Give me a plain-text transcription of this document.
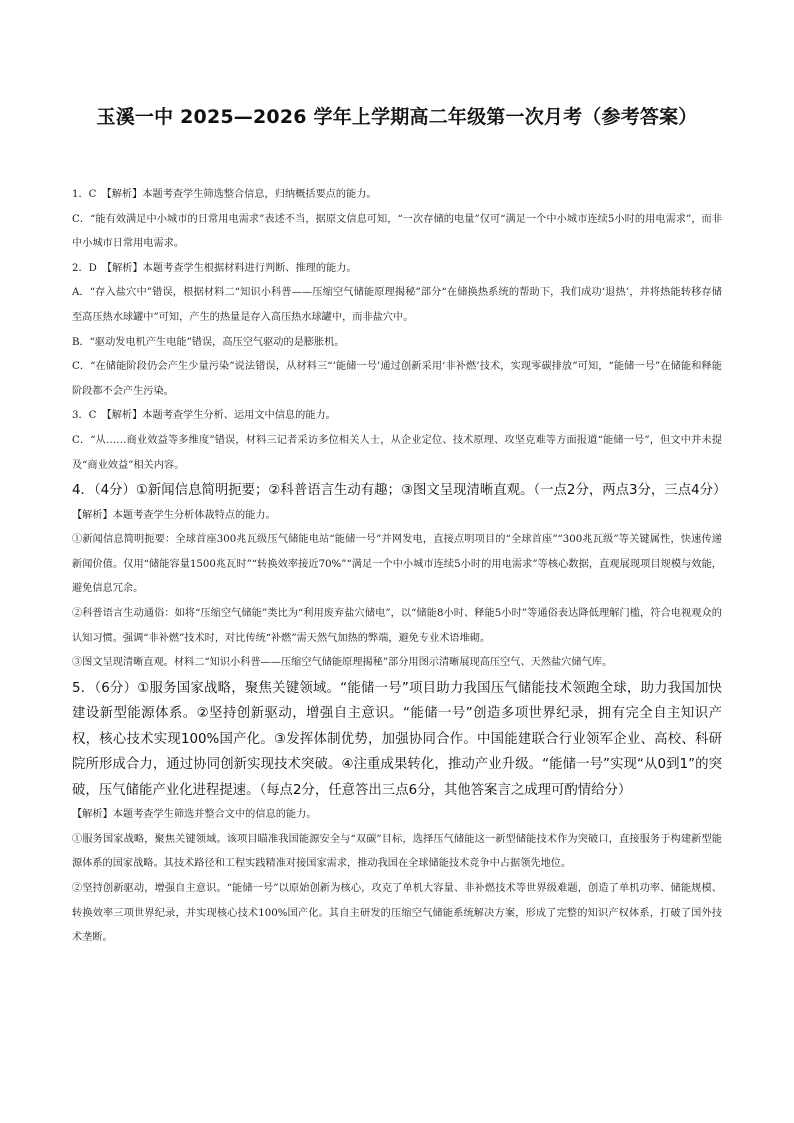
玉溪一中 2025—2026 学年上学期高二年级第一次月考（参考答案）

1．C　【解析】本题考查学生筛选整合信息，归纳概括要点的能力。

C．“能有效满足中小城市的日常用电需求”表述不当，据原文信息可知，“一次存储的电量”仅可“满足一个中小城市连续5小时的用电需求”，而非中小城市日常用电需求。

2．D　【解析】本题考查学生根据材料进行判断、推理的能力。

A．“存入盐穴中”错误，根据材料二“知识小科普——压缩空气储能原理揭秘”部分“在储换热系统的帮助下，我们成功‘退热’，并将热能转移存储至高压热水球罐中”可知，产生的热量是存入高压热水球罐中，而非盐穴中。

B．“驱动发电机产生电能”错误，高压空气驱动的是膨胀机。

C．“在储能阶段仍会产生少量污染”说法错误，从材料三“‘能储一号’通过创新采用‘非补燃’技术，实现零碳排放”可知，“能储一号”在储能和释能阶段都不会产生污染。

3．C　【解析】本题考查学生分析、运用文中信息的能力。

C．“从……商业效益等多维度”错误，材料三记者采访多位相关人士，从企业定位、技术原理、攻坚克难等方面报道“能储一号”，但文中并未提及“商业效益”相关内容。

4．（4分）①新闻信息简明扼要；②科普语言生动有趣；③图文呈现清晰直观。（一点2分，两点3分，三点4分）

【解析】本题考查学生分析体裁特点的能力。

①新闻信息简明扼要：全球首座300兆瓦级压气储能电站“能储一号”并网发电，直接点明项目的“全球首座”“300兆瓦级”等关键属性，快速传递新闻价值。仅用“储能容量1500兆瓦时”“转换效率接近70%”“满足一个中小城市连续5小时的用电需求”等核心数据，直观展现项目规模与效能，避免信息冗余。

②科普语言生动通俗：如将“压缩空气储能”类比为“利用废弃盐穴储电”，以“储能8小时、释能5小时”等通俗表达降低理解门槛，符合电视观众的认知习惯。强调“非补燃”技术时，对比传统“补燃”需天然气加热的弊端，避免专业术语堆砌。

③图文呈现清晰直观。材料二“知识小科普——压缩空气储能原理揭秘”部分用图示清晰展现高压空气、天然盐穴储气库。

5．（6分）①服务国家战略，聚焦关键领域。“能储一号”项目助力我国压气储能技术领跑全球，助力我国加快建设新型能源体系。②坚持创新驱动，增强自主意识。“能储一号”创造多项世界纪录，拥有完全自主知识产权，核心技术实现100%国产化。③发挥体制优势，加强协同合作。中国能建联合行业领军企业、高校、科研院所形成合力，通过协同创新实现技术突破。④注重成果转化，推动产业升级。“能储一号”实现“从0到1”的突破，压气储能产业化进程提速。（每点2分，任意答出三点6分，其他答案言之成理可酌情给分）

【解析】本题考查学生筛选并整合文中的信息的能力。

①服务国家战略，聚焦关键领域。该项目瞄准我国能源安全与“双碳”目标，选择压气储能这一新型储能技术作为突破口，直接服务于构建新型能源体系的国家战略。其技术路径和工程实践精准对接国家需求，推动我国在全球储能技术竞争中占据领先地位。

②坚持创新驱动，增强自主意识。“能储一号”以原始创新为核心，攻克了单机大容量、非补燃技术等世界级难题，创造了单机功率、储能规模、转换效率三项世界纪录，并实现核心技术100%国产化。其自主研发的压缩空气储能系统解决方案，形成了完整的知识产权体系，打破了国外技术垄断。
